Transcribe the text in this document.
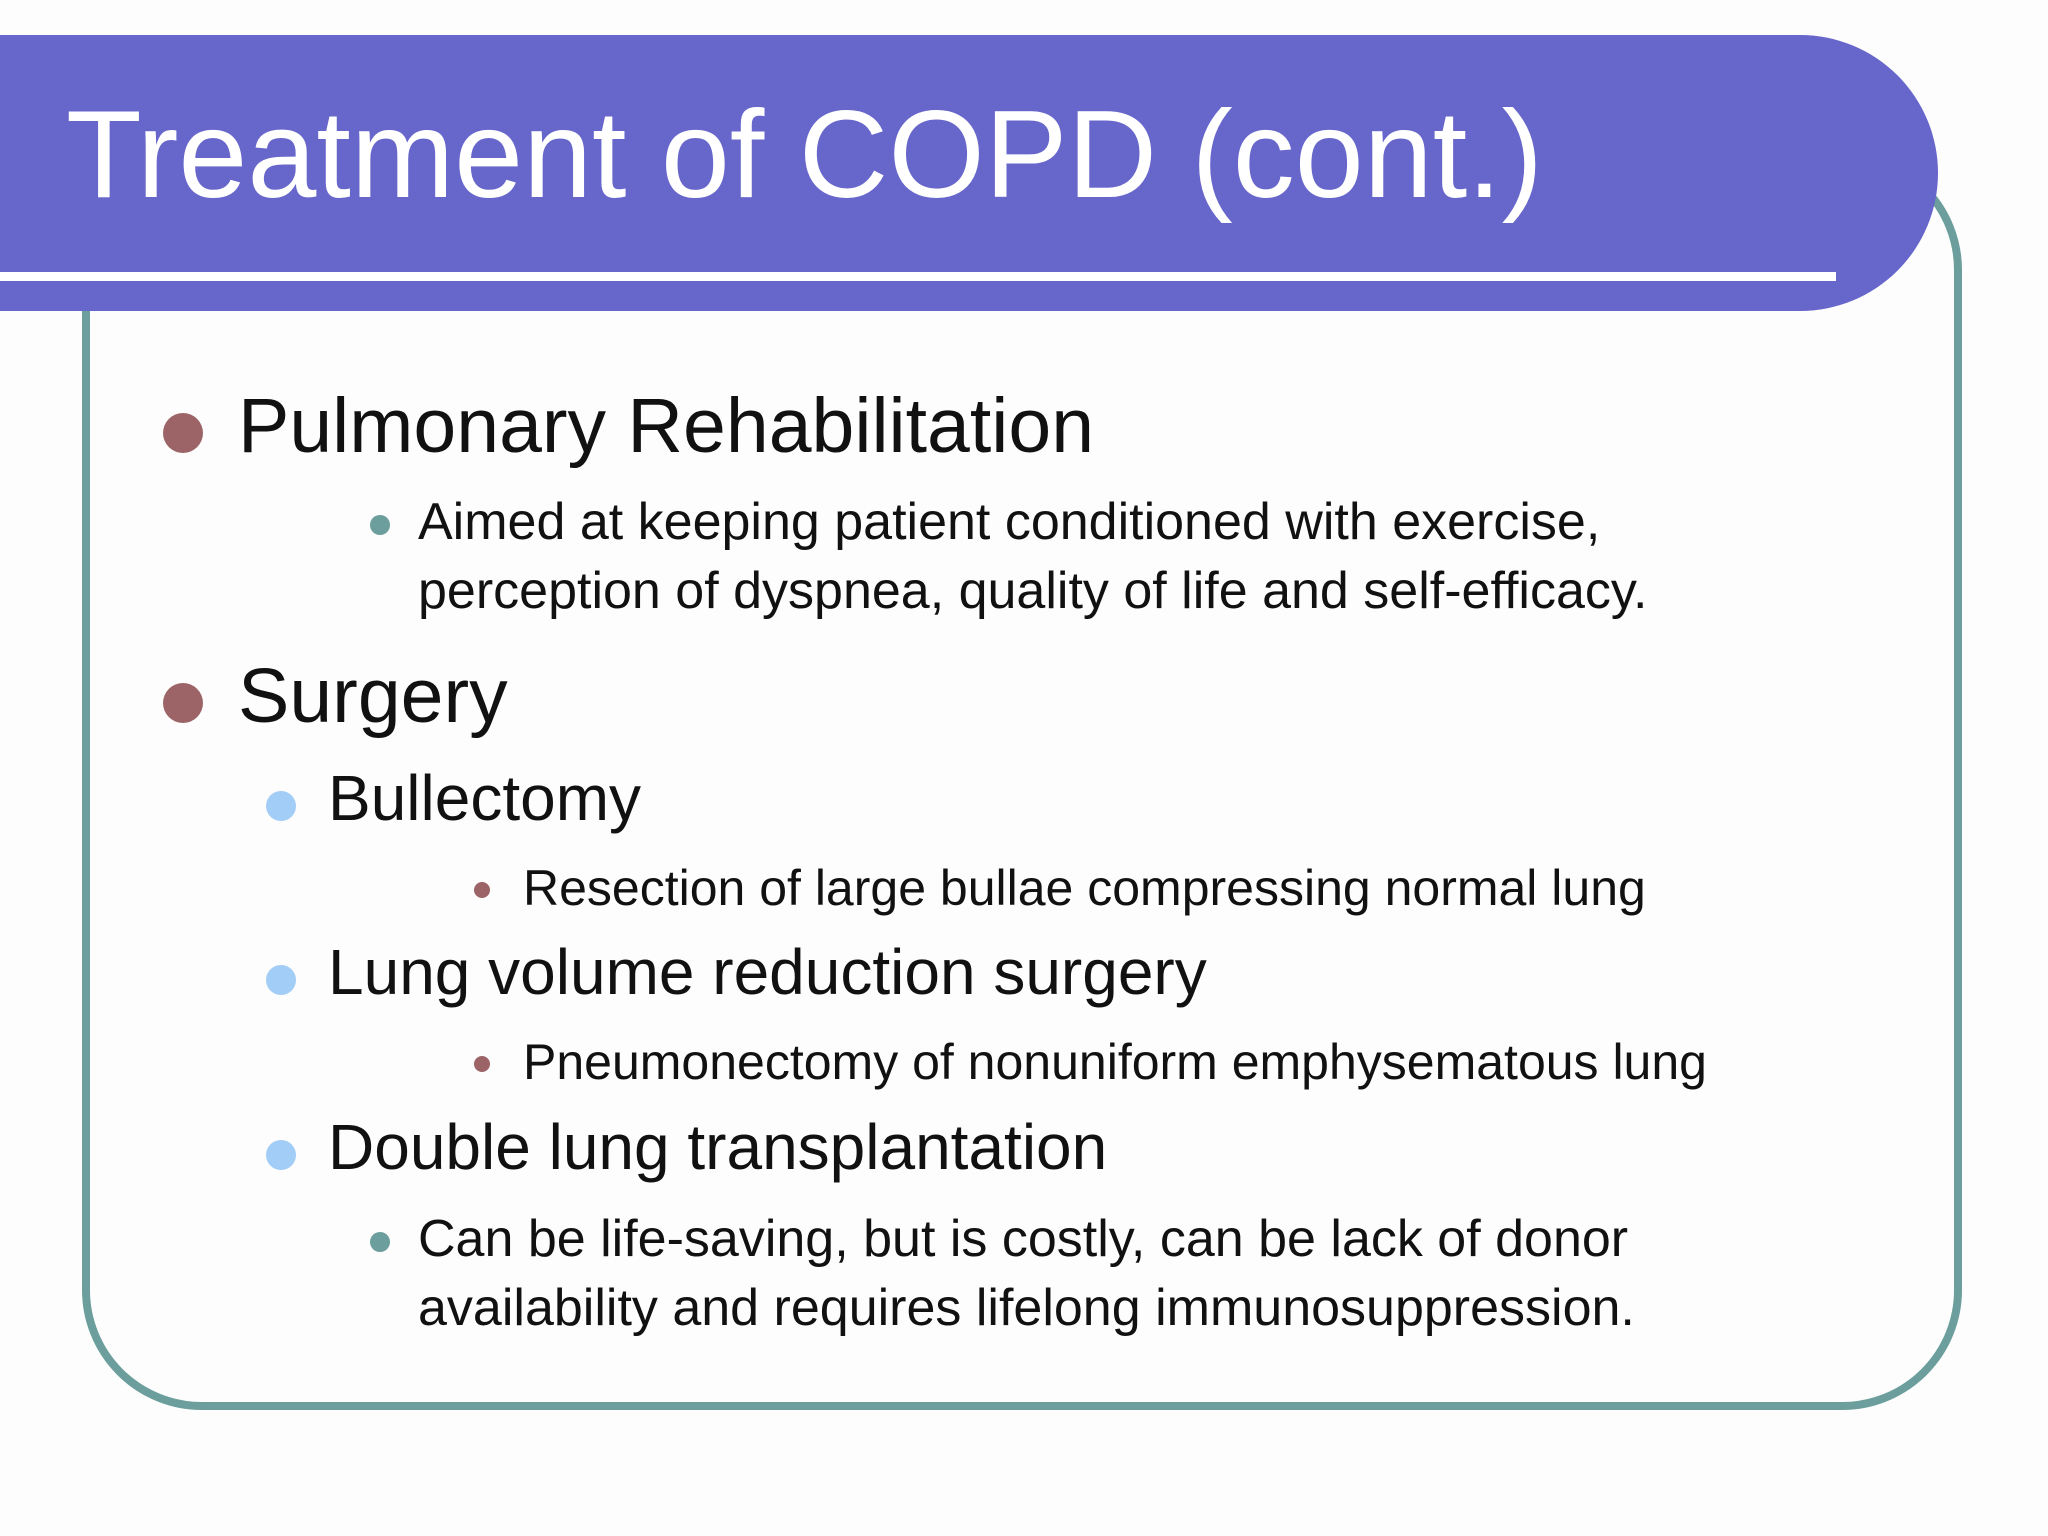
Treatment of COPD (cont.)
Pulmonary Rehabilitation
Aimed at keeping patient conditioned with exercise,
perception of dyspnea, quality of life and self-efficacy.
Surgery
Bullectomy
Resection of large bullae compressing normal lung
Lung volume reduction surgery
Pneumonectomy of nonuniform emphysematous lung
Double lung transplantation
Can be life-saving, but is costly, can be lack of donor
availability and requires lifelong immunosuppression.
